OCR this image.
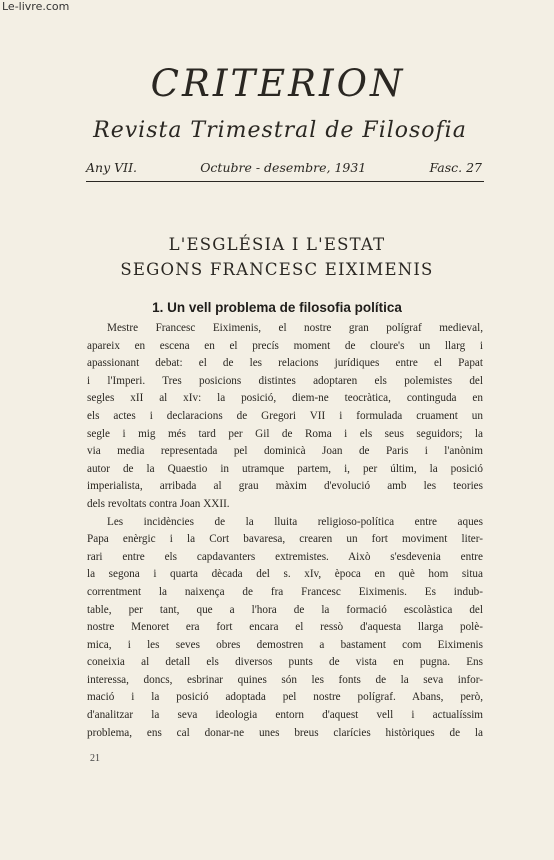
Le-livre.com
CRITERION
Revista Trimestral de Filosofia
Any VII.	Octubre - desembre, 1931	Fasc. 27
L'ESGLÉSIA I L'ESTAT
SEGONS FRANCESC EIXIMENIS
1. Un vell problema de filosofia política
Mestre Francesc Eiximenis, el nostre gran polígraf medieval,
apareix en escena en el precís moment de cloure's un llarg i
apassionant debat: el de les relacions jurídiques entre el Papat
i l'Imperi. Tres posicions distintes adoptaren els polemistes del
segles xII al xIv: la posició, diem-ne teocràtica, continguda en
els actes i declaracions de Gregori VII i formulada cruament un
segle i mig més tard per Gil de Roma i els seus seguidors; la
via media representada pel dominicà Joan de Paris i l'anònim
autor de la Quaestio in utramque partem, i, per últim, la posició
imperialista, arribada al grau màxim d'evolució amb les teories
dels revoltats contra Joan XXII.
Les incidències de la lluita religioso-política entre aques
Papa enèrgic i la Cort bavaresa, crearen un fort moviment liter-
rari entre els capdavanters extremistes. Això s'esdevenia entre
la segona i quarta dècada del s. xIv, època en què hom situa
correntment la naixença de fra Francesc Eiximenis. Es indub-
table, per tant, que a l'hora de la formació escolàstica del
nostre Menoret era fort encara el ressò d'aquesta llarga polè-
mica, i les seves obres demostren a bastament com Eiximenis
coneixia al detall els diversos punts de vista en pugna. Ens
interessa, doncs, esbrinar quines són les fonts de la seva infor-
mació i la posició adoptada pel nostre polígraf. Abans, però,
d'analitzar la seva ideologia entorn d'aquest vell i actualíssim
problema, ens cal donar-ne unes breus clarícies històriques de la
21
